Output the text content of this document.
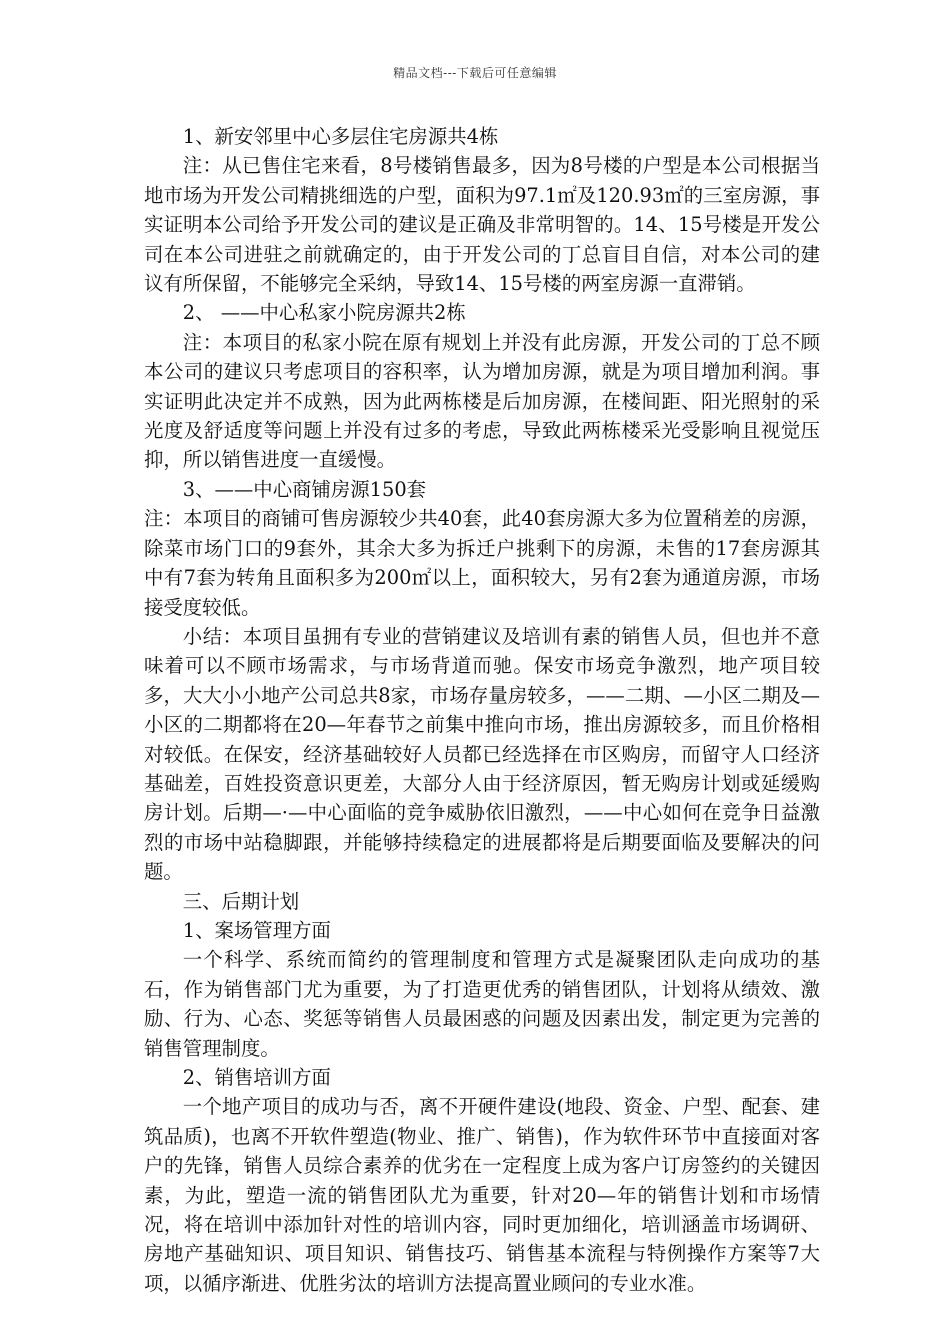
精品文档---下载后可任意编辑

1、新安邻里中心多层住宅房源共4栋

注：从已售住宅来看，8号楼销售最多，因为8号楼的户型是本公司根据当地市场为开发公司精挑细选的户型，面积为97.1㎡及120.93㎡的三室房源，事实证明本公司给予开发公司的建议是正确及非常明智的。14、15号楼是开发公司在本公司进驻之前就确定的，由于开发公司的丁总盲目自信，对本公司的建议有所保留，不能够完全采纳，导致14、15号楼的两室房源一直滞销。

2、 ——中心私家小院房源共2栋

注：本项目的私家小院在原有规划上并没有此房源，开发公司的丁总不顾本公司的建议只考虑项目的容积率，认为增加房源，就是为项目增加利润。事实证明此决定并不成熟，因为此两栋楼是后加房源，在楼间距、阳光照射的采光度及舒适度等问题上并没有过多的考虑，导致此两栋楼采光受影响且视觉压抑，所以销售进度一直缓慢。

3、——中心商铺房源150套

注：本项目的商铺可售房源较少共40套，此40套房源大多为位置稍差的房源，除菜市场门口的9套外，其余大多为拆迁户挑剩下的房源，未售的17套房源其中有7套为转角且面积多为200㎡以上，面积较大，另有2套为通道房源，市场接受度较低。

小结：本项目虽拥有专业的营销建议及培训有素的销售人员，但也并不意味着可以不顾市场需求，与市场背道而驰。保安市场竞争激烈，地产项目较多，大大小小地产公司总共8家，市场存量房较多，——二期、—小区二期及—小区的二期都将在20—年春节之前集中推向市场，推出房源较多，而且价格相对较低。在保安，经济基础较好人员都已经选择在市区购房，而留守人口经济基础差，百姓投资意识更差，大部分人由于经济原因，暂无购房计划或延缓购房计划。后期—·—中心面临的竞争威胁依旧激烈，——中心如何在竞争日益激烈的市场中站稳脚跟，并能够持续稳定的进展都将是后期要面临及要解决的问题。

三、后期计划

1、案场管理方面

一个科学、系统而简约的管理制度和管理方式是凝聚团队走向成功的基石，作为销售部门尤为重要，为了打造更优秀的销售团队，计划将从绩效、激励、行为、心态、奖惩等销售人员最困惑的问题及因素出发，制定更为完善的销售管理制度。

2、销售培训方面

一个地产项目的成功与否，离不开硬件建设(地段、资金、户型、配套、建筑品质)，也离不开软件塑造(物业、推广、销售)，作为软件环节中直接面对客户的先锋，销售人员综合素养的优劣在一定程度上成为客户订房签约的关键因素，为此，塑造一流的销售团队尤为重要，针对20—年的销售计划和市场情况，将在培训中添加针对性的培训内容，同时更加细化，培训涵盖市场调研、房地产基础知识、项目知识、销售技巧、销售基本流程与特例操作方案等7大项，以循序渐进、优胜劣汰的培训方法提高置业顾问的专业水准。
